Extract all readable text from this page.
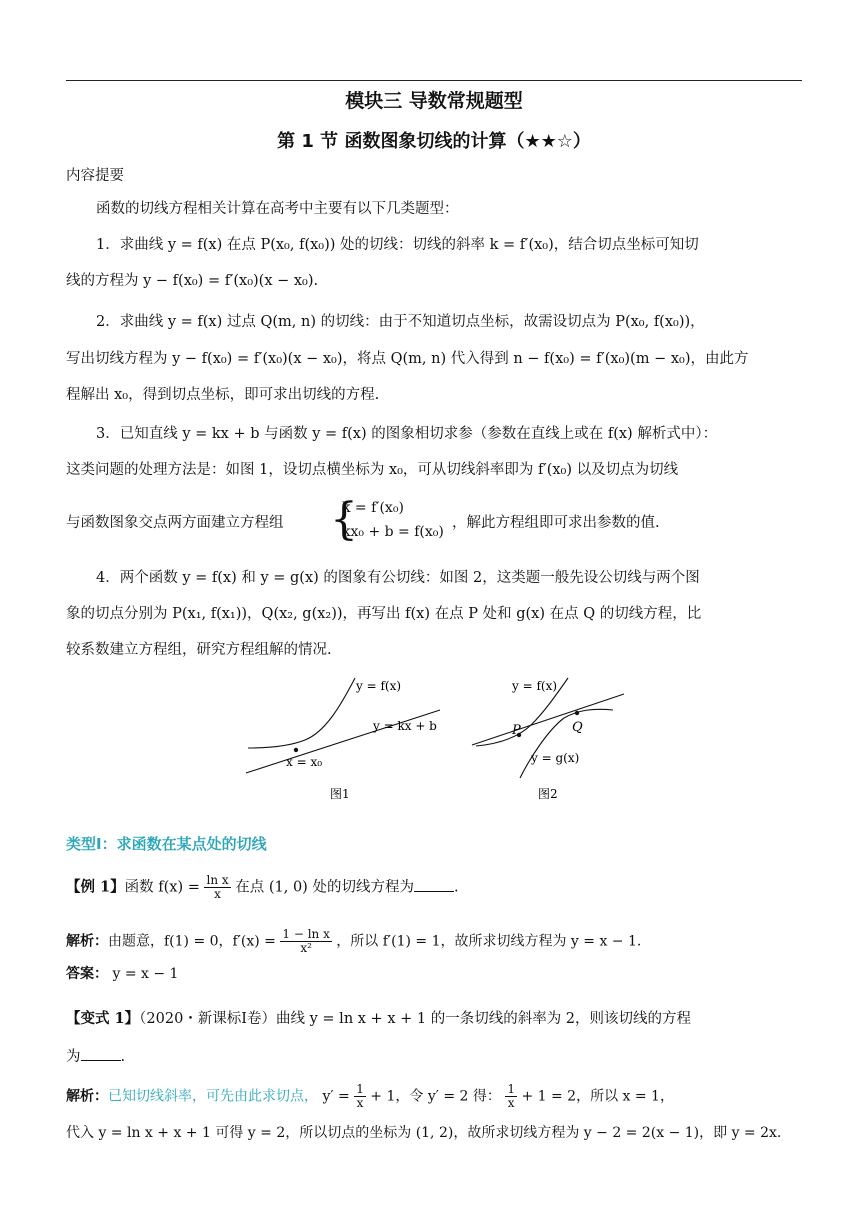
模块三 导数常规题型
第 1 节 函数图象切线的计算（★★☆）
内容提要
函数的切线方程相关计算在高考中主要有以下几类题型：
1．求曲线 y = f(x) 在点 P(x₀, f(x₀)) 处的切线：切线的斜率 k = f′(x₀)，结合切点坐标可知切
线的方程为 y − f(x₀) = f′(x₀)(x − x₀).
2．求曲线 y = f(x) 过点 Q(m, n) 的切线：由于不知道切点坐标，故需设切点为 P(x₀, f(x₀))，
写出切线方程为 y − f(x₀) = f′(x₀)(x − x₀)，将点 Q(m, n) 代入得到 n − f(x₀) = f′(x₀)(m − x₀)，由此方
程解出 x₀，得到切点坐标，即可求出切线的方程.
3．已知直线 y = kx + b 与函数 y = f(x) 的图象相切求参（参数在直线上或在 f(x) 解析式中）：
这类问题的处理方法是：如图 1，设切点横坐标为 x₀，可从切线斜率即为 f′(x₀) 以及切点为切线
与函数图象交点两方面建立方程组 {
k = f′(x₀)
kx₀ + b = f(x₀)
，解此方程组即可求出参数的值.
4．两个函数 y = f(x) 和 y = g(x) 的图象有公切线：如图 2，这类题一般先设公切线与两个图
象的切点分别为 P(x₁, f(x₁))，Q(x₂, g(x₂))，再写出 f(x) 在点 P 处和 g(x) 在点 Q 的切线方程，比
较系数建立方程组，研究方程组解的情况.
y = f(x)
y = kx + b
x = x₀
图1
y = f(x)
y = g(x)
P	Q
图2
类型Ⅰ：求函数在某点处的切线
【例 1】函数 $f(x) = \frac{\text{ln x}}{x}$ 在点 (1, 0) 处的切线方程为	.
解析：由题意，f(1) = 0，$f'(x) = \frac{\text{1 − ln x}}{\text{x²}}$ ，所以 f′(1) = 1，故所求切线方程为 y = x − 1.
答案： y = x − 1
【变式 1】（2020・新课标Ⅰ卷）曲线 y = ln x + x + 1 的一条切线的斜率为 2，则该切线的方程
为	.
解析：已知切线斜率，可先由此求切点， $y' = \frac{1}{x} + 1$，令 y′ = 2 得： $\frac{1}{x} + 1 = 2$，所以 x = 1，
代入 y = ln x + x + 1 可得 y = 2，所以切点的坐标为 (1, 2)，故所求切线方程为 y − 2 = 2(x − 1)，即 y = 2x.
